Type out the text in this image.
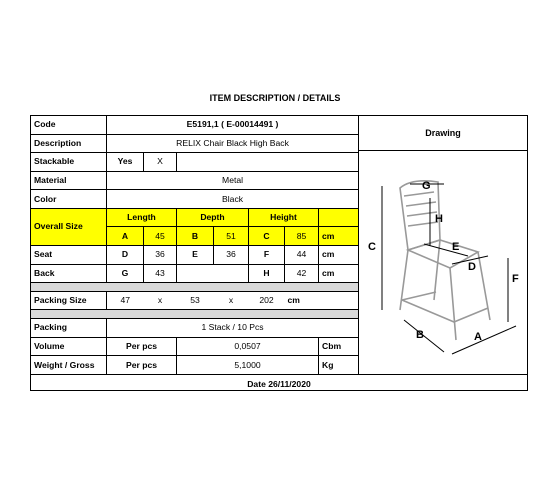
ITEM DESCRIPTION / DETAILS
Code	E5191,1 ( E-00014491 )						
Description	RELIX Chair Black High Back						
Stackable	Yes	X					
Material	Metal						
Color	Black						
Overall Size	Length		Depth		Height		
	A	45	B	51	C	85	cm
Seat	D	36	E	36	F	44	cm
Back	G	43			H	42	cm

Packing Size	47	x	53	x	202	cm	

Packing	1 Stack / 10 Pcs						
Volume	Per pcs		0,0507				Cbm
Weight / Gross	Per pcs		5,1000				Kg
Drawing
C
G
H
E
D
F
B	A
Date 26/11/2020
